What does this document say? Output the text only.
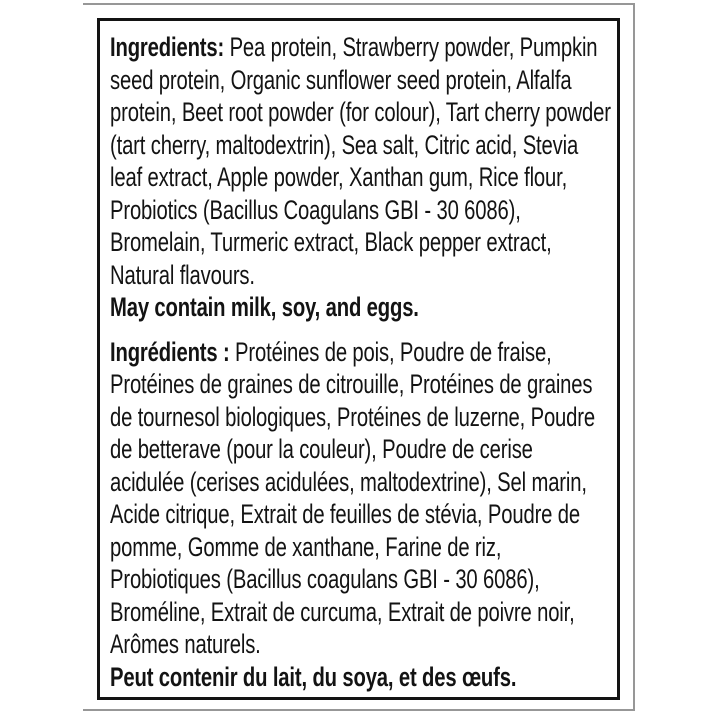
Ingredients: Pea protein, Strawberry powder, Pumpkin seed protein, Organic sunflower seed protein, Alfalfa protein, Beet root powder (for colour), Tart cherry powder (tart cherry, maltodextrin), Sea salt, Citric acid, Stevia leaf extract, Apple powder, Xanthan gum, Rice flour, Probiotics (Bacillus Coagulans GBI - 30 6086), Bromelain, Turmeric extract, Black pepper extract, Natural flavours.

May contain milk, soy, and eggs.

Ingrédients : Protéines de pois, Poudre de fraise, Protéines de graines de citrouille, Protéines de graines de tournesol biologiques, Protéines de luzerne, Poudre de betterave (pour la couleur), Poudre de cerise acidulée (cerises acidulées, maltodextrine), Sel marin, Acide citrique, Extrait de feuilles de stévia, Poudre de pomme, Gomme de xanthane, Farine de riz, Probiotiques (Bacillus coagulans GBI - 30 6086), Broméline, Extrait de curcuma, Extrait de poivre noir, Arômes naturels.

Peut contenir du lait, du soya, et des œufs.
